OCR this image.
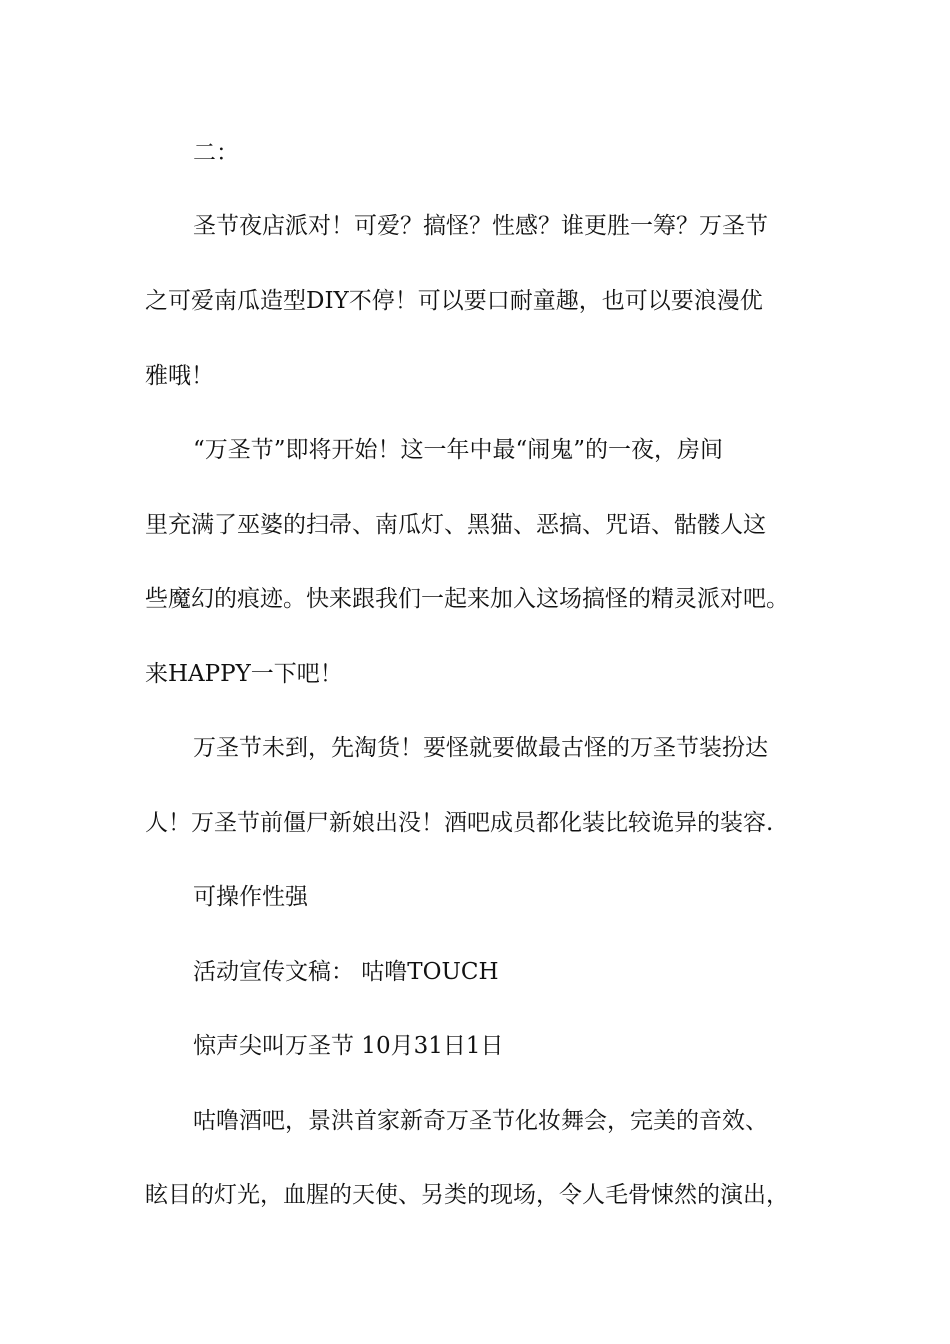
二：
圣节夜店派对！可爱？搞怪？性感？谁更胜一筹？万圣节
之可爱南瓜造型DIY不停！可以要口耐童趣，也可以要浪漫优
雅哦！
“万圣节”即将开始！这一年中最“闹鬼”的一夜，房间
里充满了巫婆的扫帚、南瓜灯、黑猫、恶搞、咒语、骷髅人这
些魔幻的痕迹。快来跟我们一起来加入这场搞怪的精灵派对吧。
来HAPPY一下吧！
万圣节未到，先淘货！要怪就要做最古怪的万圣节装扮达
人！万圣节前僵尸新娘出没！酒吧成员都化装比较诡异的装容.
可操作性强
活动宣传文稿： 咕噜TOUCH
惊声尖叫万圣节 10月31日1日
咕噜酒吧，景洪首家新奇万圣节化妆舞会，完美的音效、
眩目的灯光，血腥的天使、另类的现场，令人毛骨悚然的演出，
